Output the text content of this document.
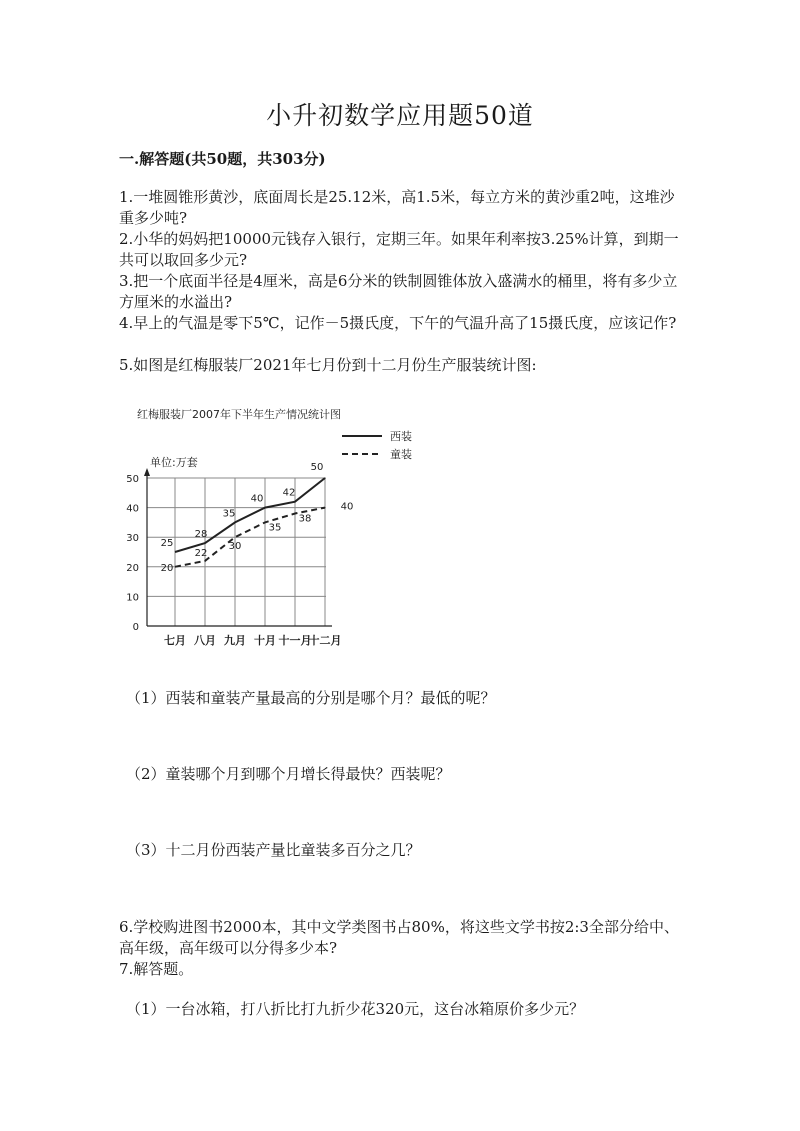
小升初数学应用题50道
一.解答题(共50题，共303分)
1.一堆圆锥形黄沙，底面周长是25.12米，高1.5米，每立方米的黄沙重2吨，这堆沙重多少吨?
2.小华的妈妈把10000元钱存入银行，定期三年。如果年利率按3.25%计算，到期一共可以取回多少元?
3.把一个底面半径是4厘米，高是6分米的铁制圆锥体放入盛满水的桶里，将有多少立方厘米的水溢出?
4.早上的气温是零下5℃，记作－5摄氏度，下午的气温升高了15摄氏度，应该记作?
5.如图是红梅服装厂2021年七月份到十二月份生产服装统计图:
红梅服装厂2007年下半年生产情况统计图
单位:万套
0
10
20
30
40
50
七月 八月 九月 十月 十一月
十二月
西装
童装
25
28
35
40
42
50
20
22
30
35
38
40
（1）西装和童装产量最高的分别是哪个月？最低的呢？
（2）童装哪个月到哪个月增长得最快？西装呢？
（3）十二月份西装产量比童装多百分之几？
6.学校购进图书2000本，其中文学类图书占80%，将这些文学书按2:3全部分给中、高年级，高年级可以分得多少本?
7.解答题。
（1）一台冰箱，打八折比打九折少花320元，这台冰箱原价多少元？
